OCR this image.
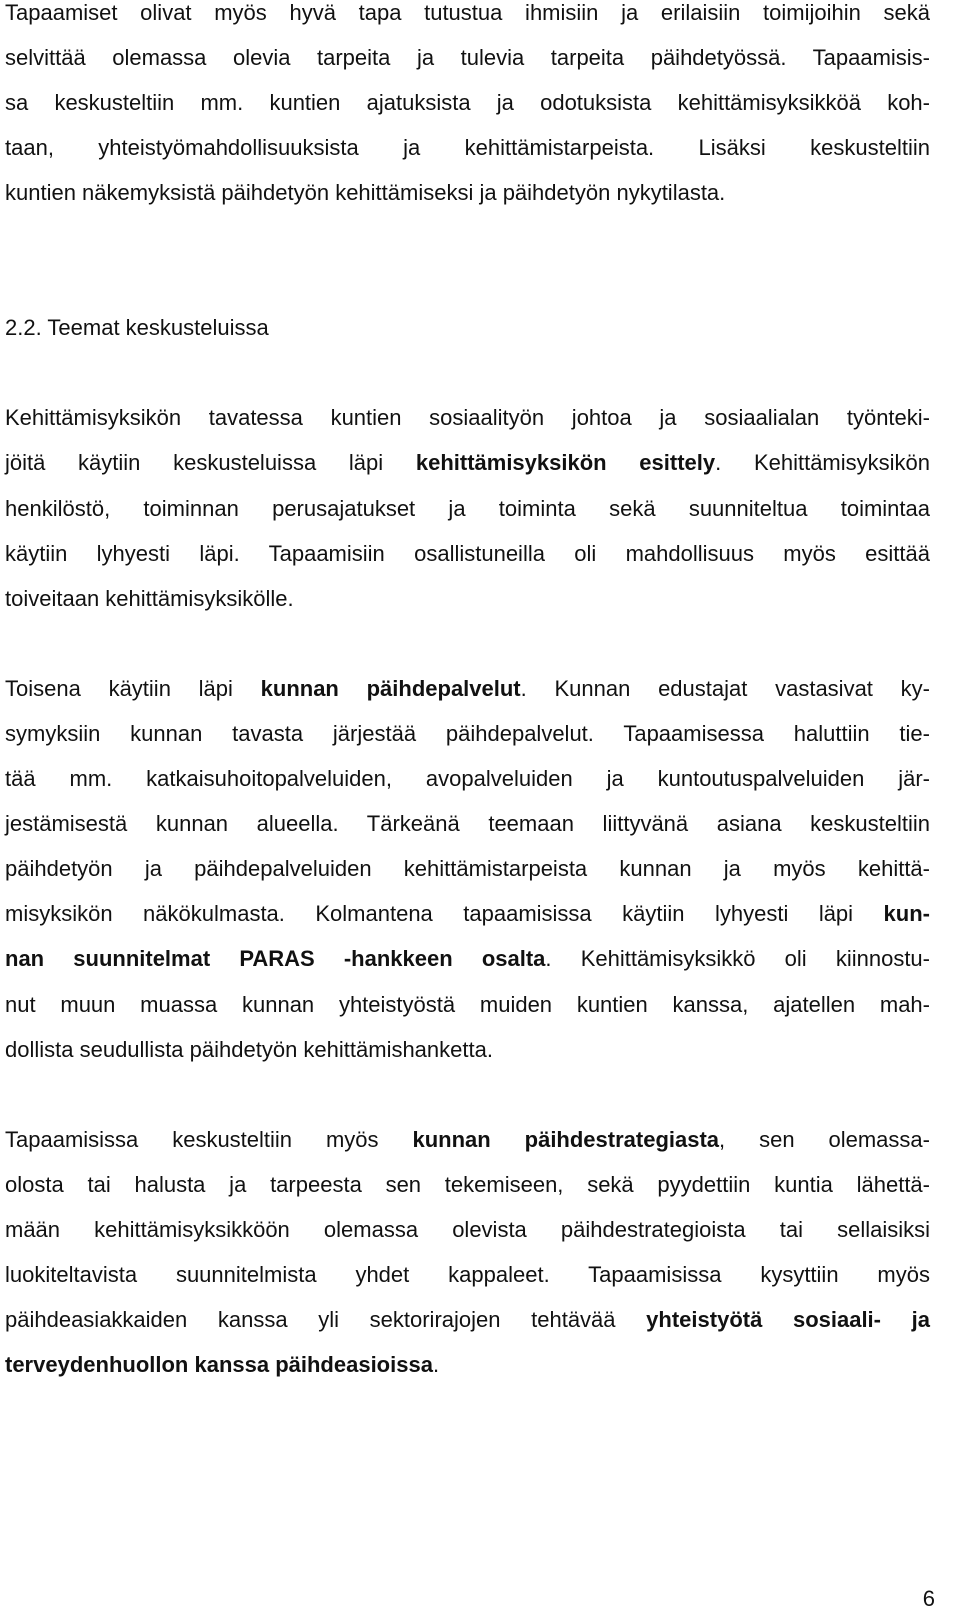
Tapaamiset olivat myös hyvä tapa tutustua ihmisiin ja erilaisiin toimijoihin sekä
selvittää olemassa olevia tarpeita ja tulevia tarpeita päihdetyössä. Tapaamisis-
sa keskusteltiin mm. kuntien ajatuksista ja odotuksista kehittämisyksikköä koh-
taan, yhteistyömahdollisuuksista ja kehittämistarpeista. Lisäksi keskusteltiin
kuntien näkemyksistä päihdetyön kehittämiseksi ja päihdetyön nykytilasta.
2.2. Teemat keskusteluissa
Kehittämisyksikön tavatessa kuntien sosiaalityön johtoa ja sosiaalialan työnteki-
jöitä käytiin keskusteluissa läpi kehittämisyksikön esittely. Kehittämisyksikön
henkilöstö, toiminnan perusajatukset ja toiminta sekä suunniteltua toimintaa
käytiin lyhyesti läpi. Tapaamisiin osallistuneilla oli mahdollisuus myös esittää
toiveitaan kehittämisyksikölle.
Toisena käytiin läpi kunnan päihdepalvelut. Kunnan edustajat vastasivat ky-
symyksiin kunnan tavasta järjestää päihdepalvelut. Tapaamisessa haluttiin tie-
tää mm. katkaisuhoitopalveluiden, avopalveluiden ja kuntoutuspalveluiden jär-
jestämisestä kunnan alueella. Tärkeänä teemaan liittyvänä asiana keskusteltiin
päihdetyön ja päihdepalveluiden kehittämistarpeista kunnan ja myös kehittä-
misyksikön näkökulmasta. Kolmantena tapaamisissa käytiin lyhyesti läpi kun-
nan suunnitelmat PARAS -hankkeen osalta. Kehittämisyksikkö oli kiinnostu-
nut muun muassa kunnan yhteistyöstä muiden kuntien kanssa, ajatellen mah-
dollista seudullista päihdetyön kehittämishanketta.
Tapaamisissa keskusteltiin myös kunnan päihdestrategiasta, sen olemassa-
olosta tai halusta ja tarpeesta sen tekemiseen, sekä pyydettiin kuntia lähettä-
mään kehittämisyksikköön olemassa olevista päihdestrategioista tai sellaisiksi
luokiteltavista suunnitelmista yhdet kappaleet. Tapaamisissa kysyttiin myös
päihdeasiakkaiden kanssa yli sektorirajojen tehtävää yhteistyötä sosiaali- ja
terveydenhuollon kanssa päihdeasioissa.
6
